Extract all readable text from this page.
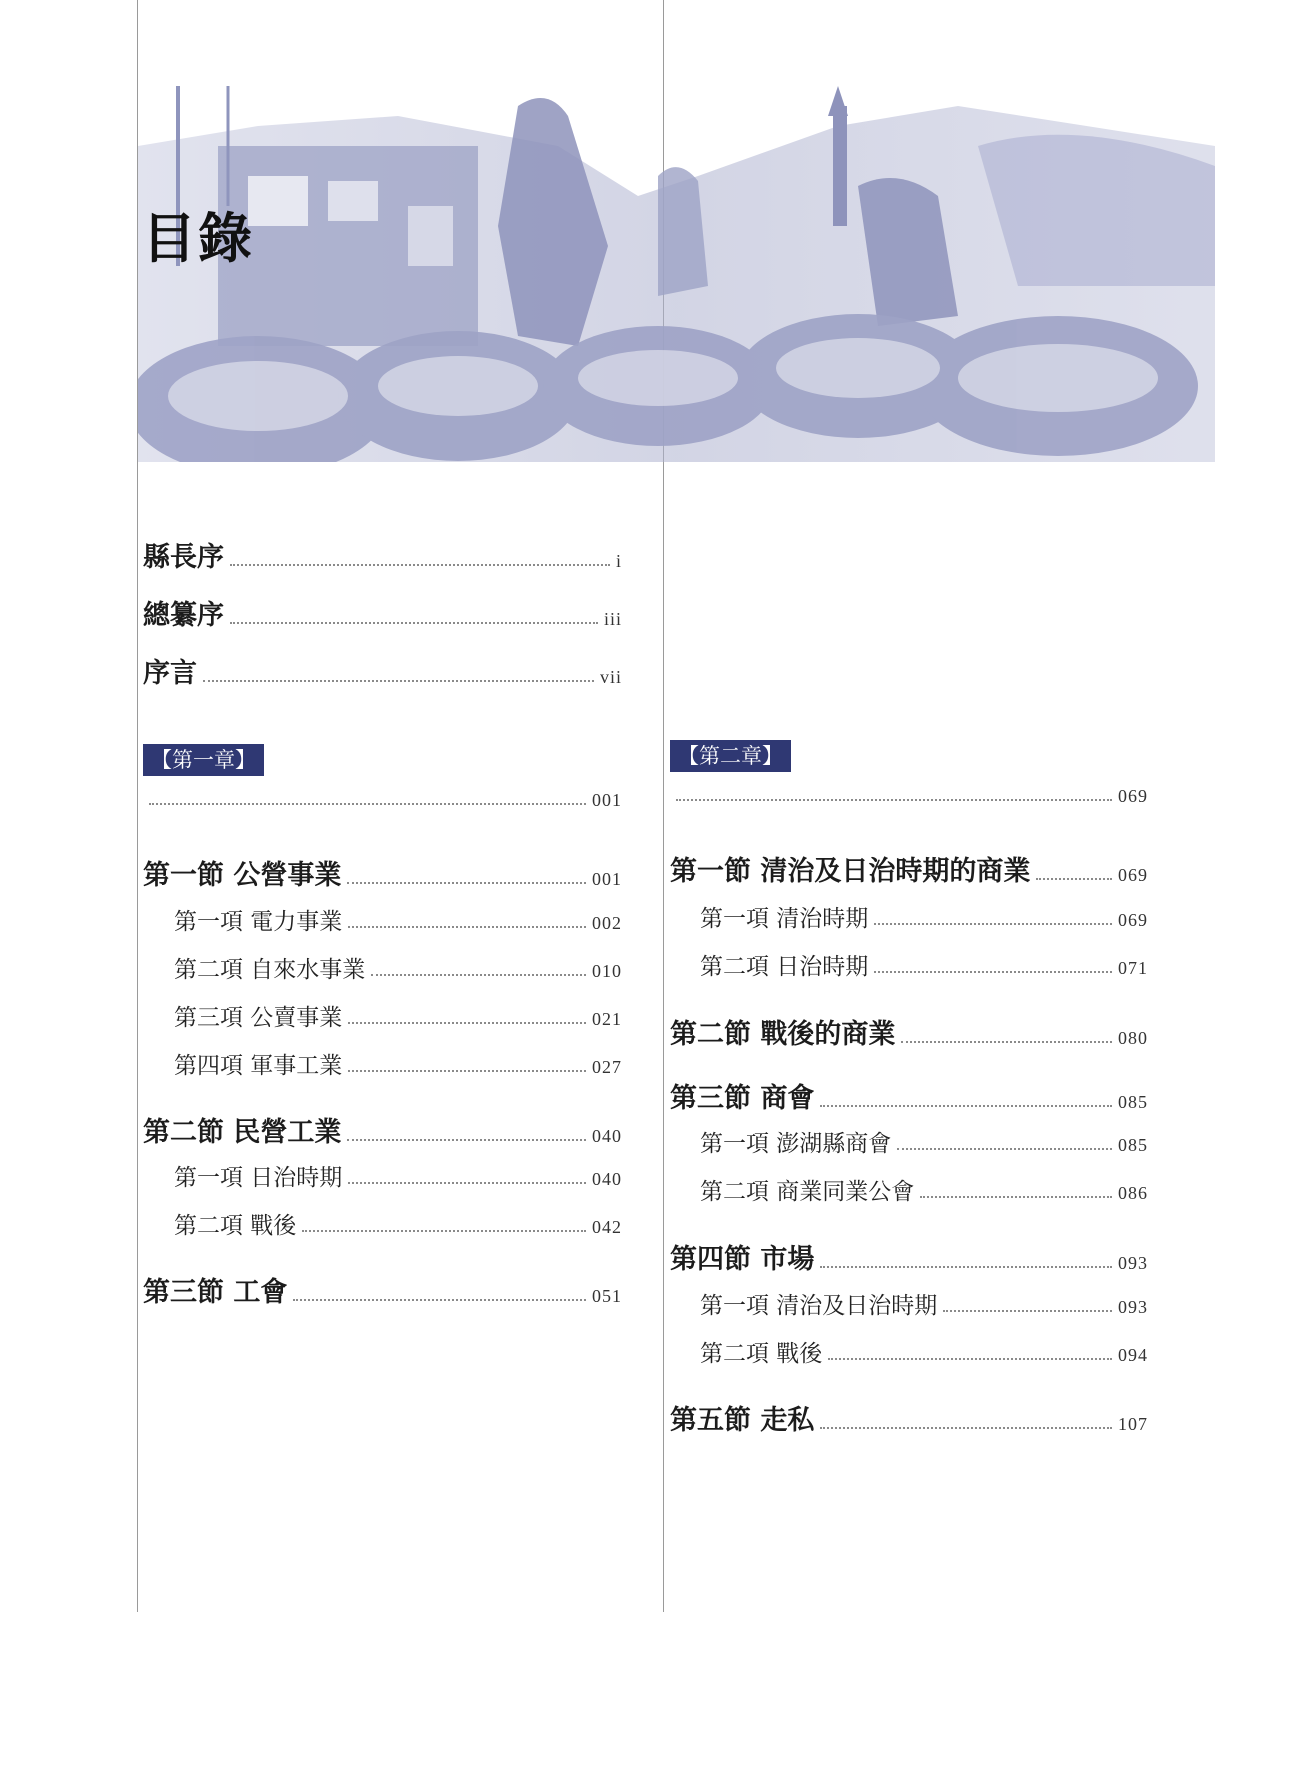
目錄
縣長序	i
總纂序	iii
序言	vii
【第一章】
001
第一節 公營事業	001
第一項 電力事業	002
第二項 自來水事業	010
第三項 公賣事業	021
第四項 軍事工業	027
第二節 民營工業	040
第一項 日治時期	040
第二項 戰後	042
第三節 工會	051
【第二章】
069
第一節 清治及日治時期的商業	069
第一項 清治時期	069
第二項 日治時期	071
第二節 戰後的商業	080
第三節 商會	085
第一項 澎湖縣商會	085
第二項 商業同業公會	086
第四節 市場	093
第一項 清治及日治時期	093
第二項 戰後	094
第五節 走私	107
